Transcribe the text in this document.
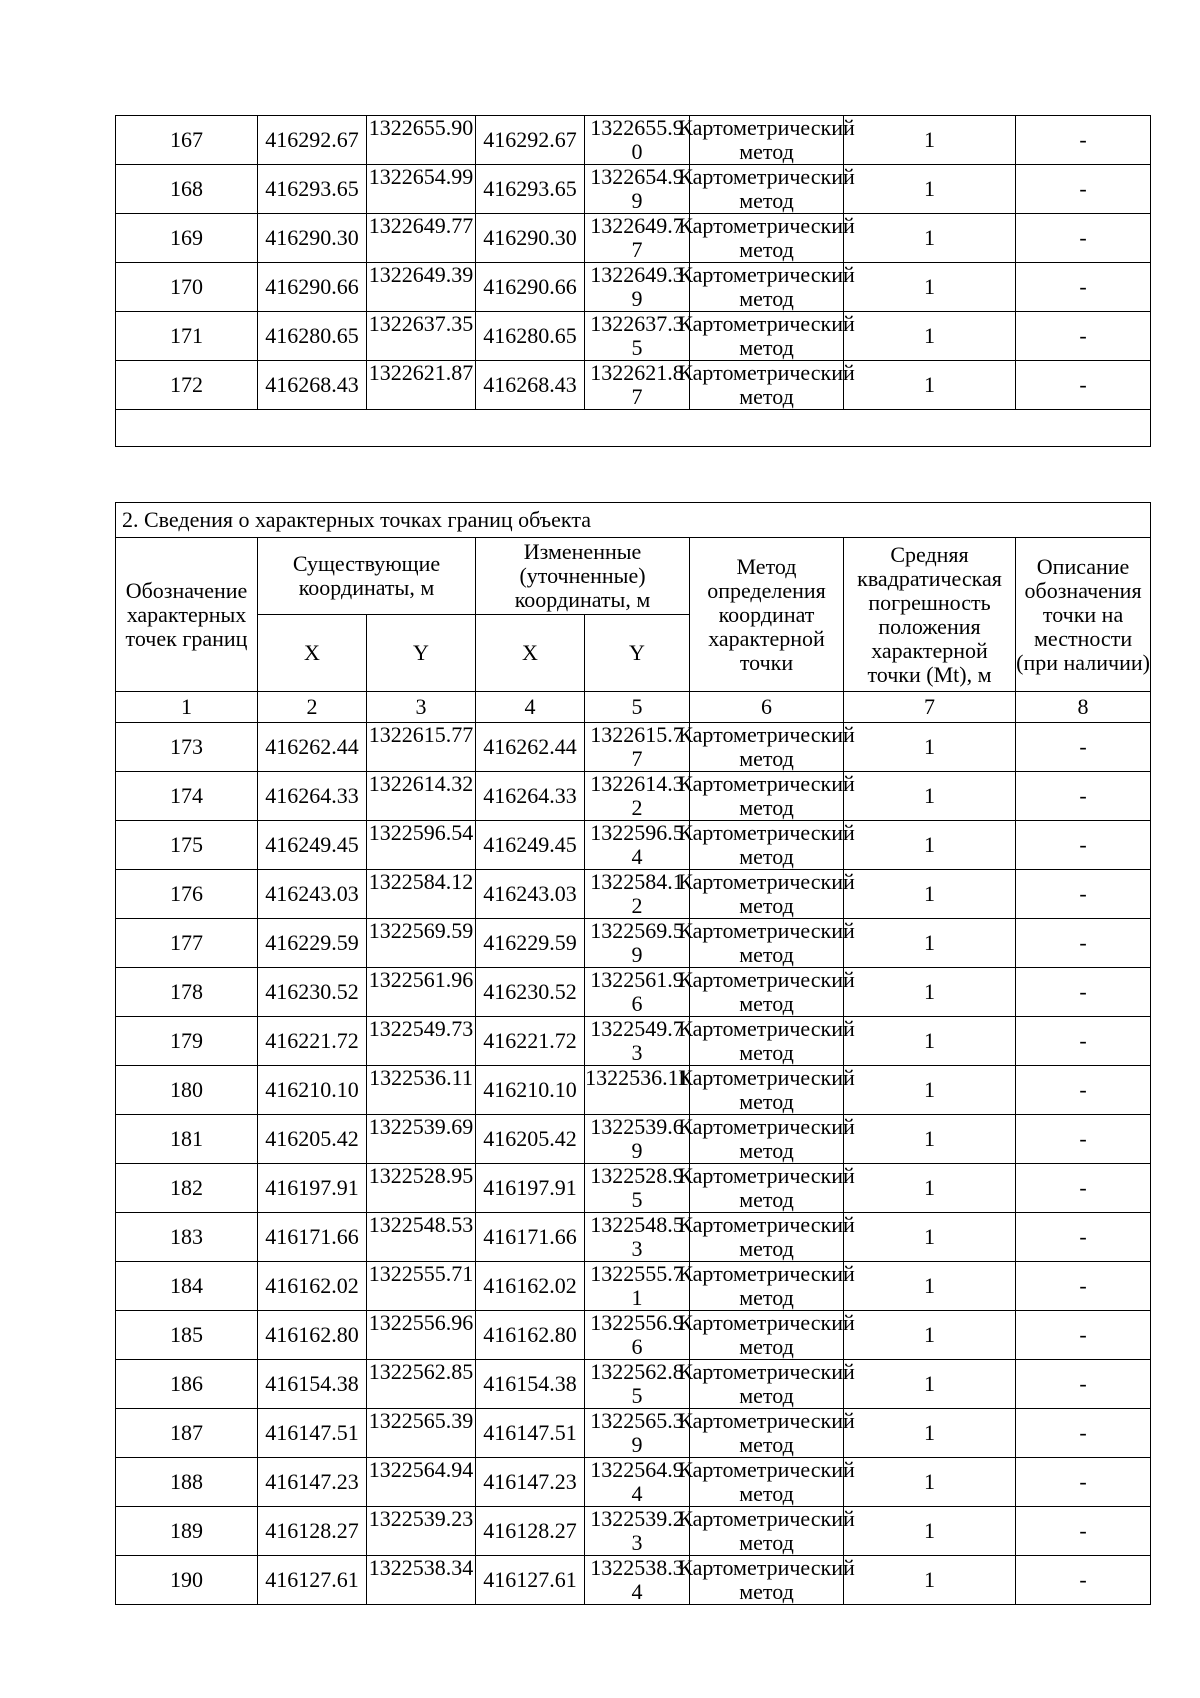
167	416292.67	1322655.90	416292.67	1322655.90	Картометрический метод	1	-
168	416293.65	1322654.99	416293.65	1322654.99	Картометрический метод	1	-
169	416290.30	1322649.77	416290.30	1322649.77	Картометрический метод	1	-
170	416290.66	1322649.39	416290.66	1322649.39	Картометрический метод	1	-
171	416280.65	1322637.35	416280.65	1322637.35	Картометрический метод	1	-
172	416268.43	1322621.87	416268.43	1322621.87	Картометрический метод	1	-

2. Сведения о характерных точках границ объекта							
Обозначение характерных точек границ	Существующие координаты, м		Измененные (уточненные) координаты, м		Метод определения координат характерной точки	Средняя квадратическая погрешность положения характерной точки (Mt), м	Описание обозначения точки на местности (при наличии)
	X	Y	X	Y			
1	2	3	4	5	6	7	8
173	416262.44	1322615.77	416262.44	1322615.77	Картометрический метод	1	-
174	416264.33	1322614.32	416264.33	1322614.32	Картометрический метод	1	-
175	416249.45	1322596.54	416249.45	1322596.54	Картометрический метод	1	-
176	416243.03	1322584.12	416243.03	1322584.12	Картометрический метод	1	-
177	416229.59	1322569.59	416229.59	1322569.59	Картометрический метод	1	-
178	416230.52	1322561.96	416230.52	1322561.96	Картометрический метод	1	-
179	416221.72	1322549.73	416221.72	1322549.73	Картометрический метод	1	-
180	416210.10	1322536.11	416210.10	1322536.11	Картометрический метод	1	-
181	416205.42	1322539.69	416205.42	1322539.69	Картометрический метод	1	-
182	416197.91	1322528.95	416197.91	1322528.95	Картометрический метод	1	-
183	416171.66	1322548.53	416171.66	1322548.53	Картометрический метод	1	-
184	416162.02	1322555.71	416162.02	1322555.71	Картометрический метод	1	-
185	416162.80	1322556.96	416162.80	1322556.96	Картометрический метод	1	-
186	416154.38	1322562.85	416154.38	1322562.85	Картометрический метод	1	-
187	416147.51	1322565.39	416147.51	1322565.39	Картометрический метод	1	-
188	416147.23	1322564.94	416147.23	1322564.94	Картометрический метод	1	-
189	416128.27	1322539.23	416128.27	1322539.23	Картометрический метод	1	-
190	416127.61	1322538.34	416127.61	1322538.34	Картометрический метод	1	-
